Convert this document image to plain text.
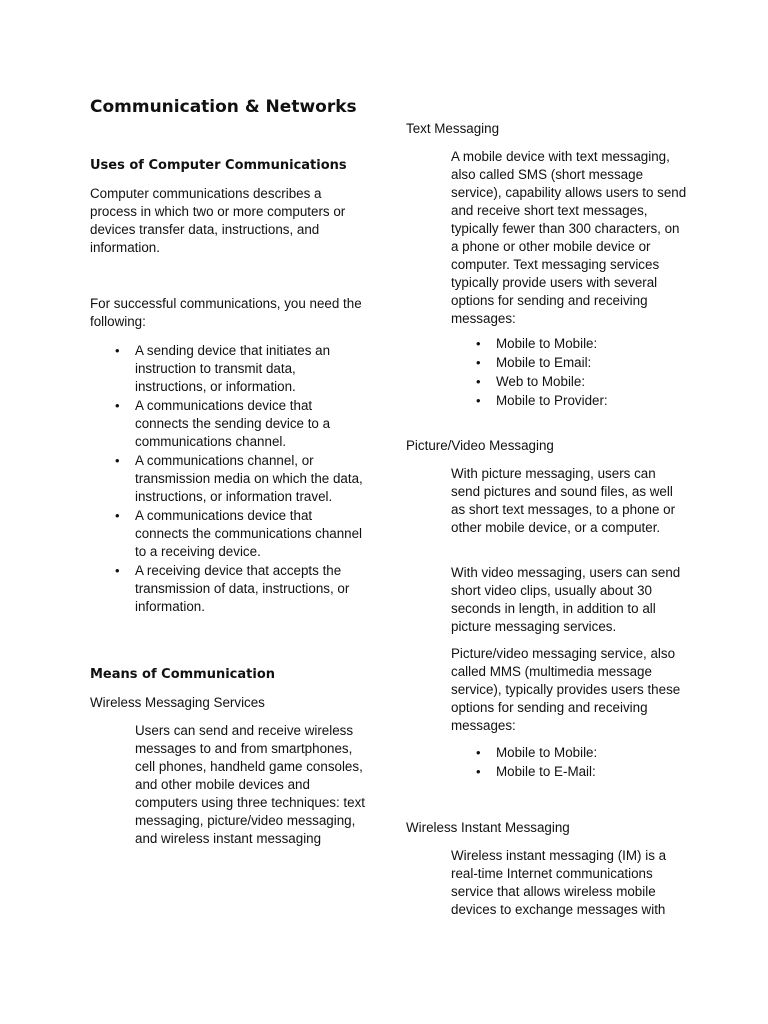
Communication & Networks
Uses of Computer Communications

Computer communications describes a process in which two or more computers or devices transfer data, instructions, and information.

For successful communications, you need the following:

• A sending device that initiates an instruction to transmit data, instructions, or information.
• A communications device that connects the sending device to a communications channel.
• A communications channel, or transmission media on which the data, instructions, or information travel.
• A communications device that connects the communications channel to a receiving device.
• A receiving device that accepts the transmission of data, instructions, or information.
Means of Communication

Wireless Messaging Services

Users can send and receive wireless messages to and from smartphones, cell phones, handheld game consoles, and other mobile devices and computers using three techniques: text messaging, picture/video messaging, and wireless instant messaging

Text Messaging

A mobile device with text messaging, also called SMS (short message service), capability allows users to send and receive short text messages, typically fewer than 300 characters, on a phone or other mobile device or computer. Text messaging services typically provide users with several options for sending and receiving messages:

• Mobile to Mobile:
• Mobile to Email:
• Web to Mobile:
• Mobile to Provider:

Picture/Video Messaging

With picture messaging, users can send pictures and sound files, as well as short text messages, to a phone or other mobile device, or a computer.

With video messaging, users can send short video clips, usually about 30 seconds in length, in addition to all picture messaging services.

Picture/video messaging service, also called MMS (multimedia message service), typically provides users these options for sending and receiving messages:

• Mobile to Mobile:
• Mobile to E-Mail:

Wireless Instant Messaging

Wireless instant messaging (IM) is a real-time Internet communications service that allows wireless mobile devices to exchange messages with
